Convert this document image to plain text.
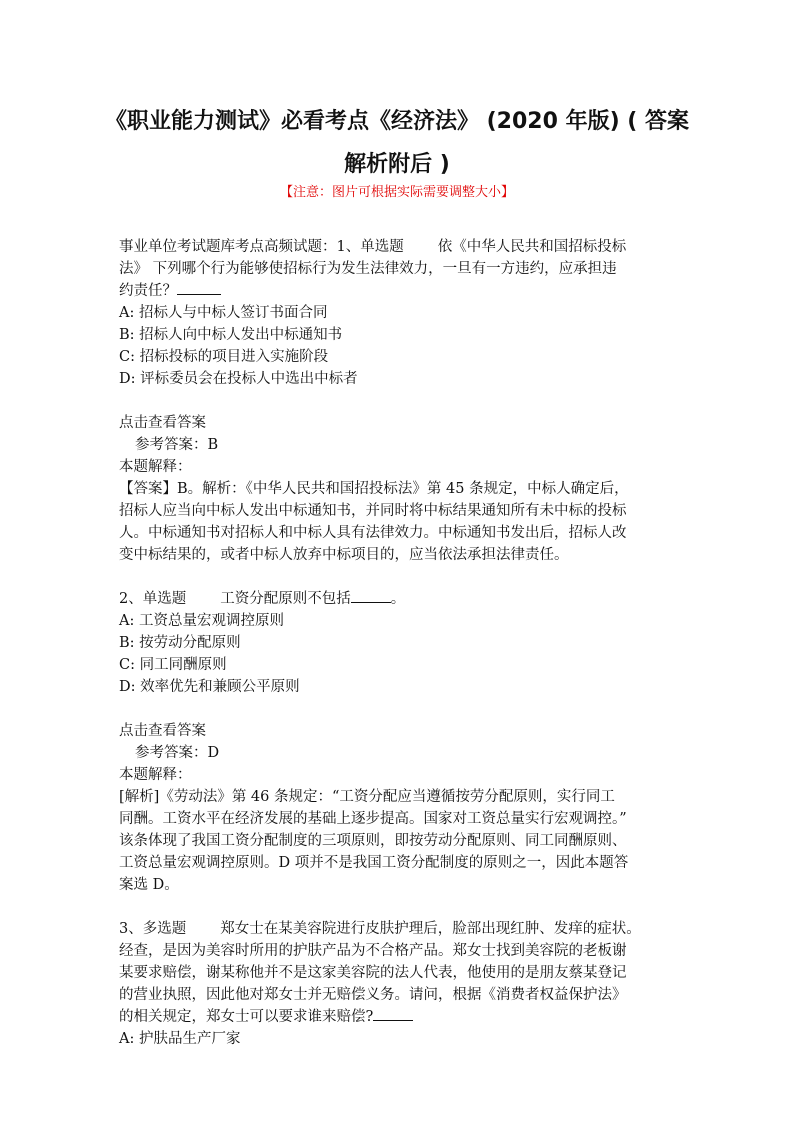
《职业能力测试》必看考点《经济法》 (2020 年版) ( 答案
解析附后 )
【注意：图片可根据实际需要调整大小】
事业单位考试题库考点高频试题：1、单选题 依《中华人民共和国招标投标
法》 下列哪个行为能够使招标行为发生法律效力，一旦有一方违约，应承担违
约责任？
A: 招标人与中标人签订书面合同
B: 招标人向中标人发出中标通知书
C: 招标投标的项目进入实施阶段
D: 评标委员会在投标人中选出中标者
点击查看答案
参考答案：B
本题解释：
【答案】B。解析：《中华人民共和国招投标法》第 45 条规定，中标人确定后，
招标人应当向中标人发出中标通知书，并同时将中标结果通知所有未中标的投标
人。中标通知书对招标人和中标人具有法律效力。中标通知书发出后，招标人改
变中标结果的，或者中标人放弃中标项目的，应当依法承担法律责任。
2、单选题 工资分配原则不包括	。
A: 工资总量宏观调控原则
B: 按劳动分配原则
C: 同工同酬原则
D: 效率优先和兼顾公平原则
点击查看答案
参考答案：D
本题解释：
[解析]《劳动法》第 46 条规定：“工资分配应当遵循按劳分配原则，实行同工
同酬。工资水平在经济发展的基础上逐步提高。国家对工资总量实行宏观调控。”
该条体现了我国工资分配制度的三项原则，即按劳动分配原则、同工同酬原则、
工资总量宏观调控原则。D 项并不是我国工资分配制度的原则之一，因此本题答
案选 D。
3、多选题 郑女士在某美容院进行皮肤护理后，脸部出现红肿、发痒的症状。
经查，是因为美容时所用的护肤产品为不合格产品。郑女士找到美容院的老板谢
某要求赔偿，谢某称他并不是这家美容院的法人代表，他使用的是朋友蔡某登记
的营业执照，因此他对郑女士并无赔偿义务。请问，根据《消费者权益保护法》
的相关规定，郑女士可以要求谁来赔偿?
A: 护肤品生产厂家
